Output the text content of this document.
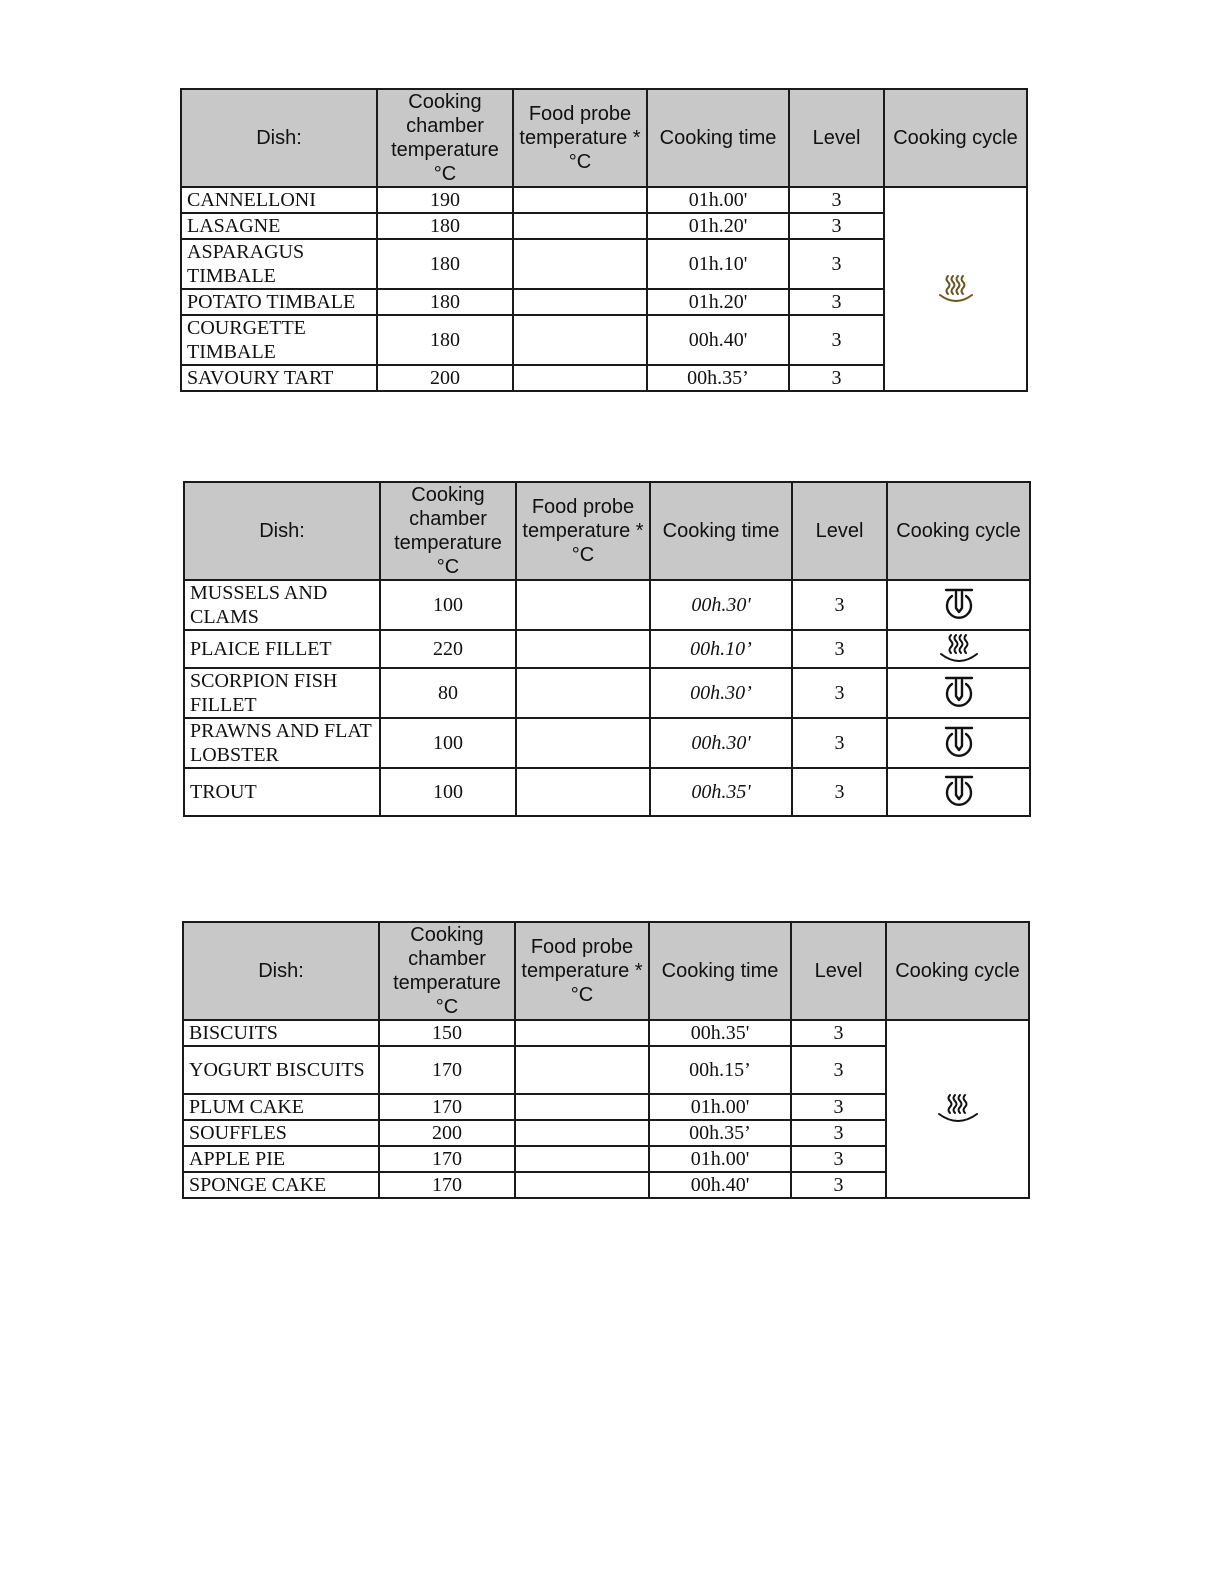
Dish:	Cooking chamber temperature °C	Food probe temperature * °C	Cooking time	Level	Cooking cycle
CANNELLONI	190		01h.00'	3	
LASAGNE	180		01h.20'	3	
ASPARAGUS TIMBALE	180		01h.10'	3	
POTATO TIMBALE	180		01h.20'	3	
COURGETTE TIMBALE	180		00h.40'	3	
SAVOURY TART	200		00h.35’	3	
Dish:	Cooking chamber temperature °C	Food probe temperature * °C	Cooking time	Level	Cooking cycle
MUSSELS AND CLAMS	100		00h.30'	3	
PLAICE FILLET	220		00h.10’	3	
SCORPION FISH FILLET	80		00h.30’	3	
PRAWNS AND FLAT LOBSTER	100		00h.30'	3	
TROUT	100		00h.35'	3	
Dish:	Cooking chamber temperature °C	Food probe temperature * °C	Cooking time	Level	Cooking cycle
BISCUITS	150		00h.35'	3	
YOGURT BISCUITS	170		00h.15’	3	
PLUM CAKE	170		01h.00'	3	
SOUFFLES	200		00h.35’	3	
APPLE PIE	170		01h.00'	3	
SPONGE CAKE	170		00h.40'	3	
